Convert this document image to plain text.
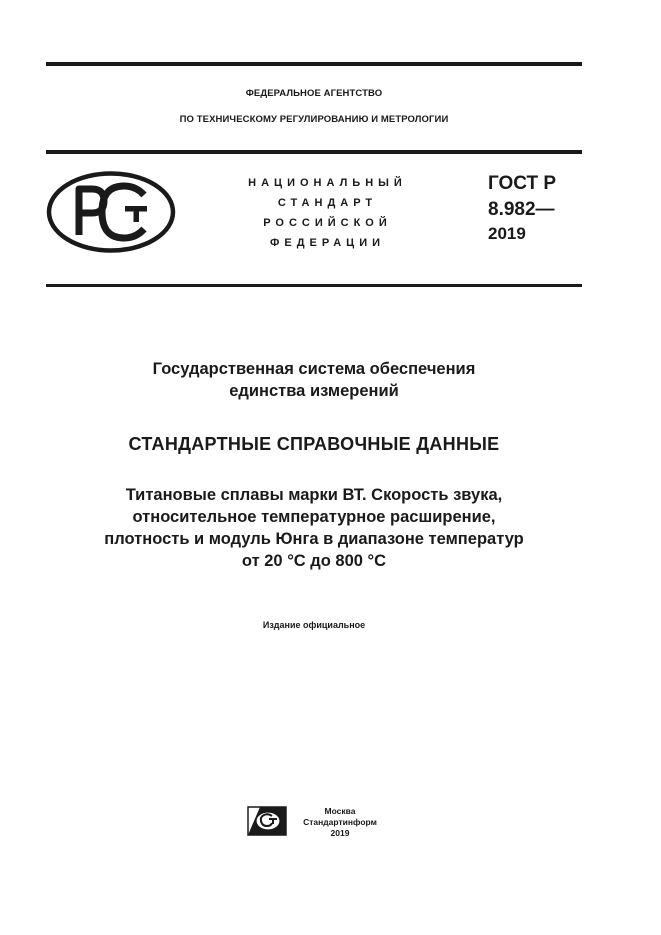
ФЕДЕРАЛЬНОЕ АГЕНТСТВО
ПО ТЕХНИЧЕСКОМУ РЕГУЛИРОВАНИЮ И МЕТРОЛОГИИ
НАЦИОНАЛЬНЫЙ
СТАНДАРТ
РОССИЙСКОЙ
ФЕДЕРАЦИИ
ГОСТ Р
8.982—
2019
Государственная система обеспечения
единства измерений
СТАНДАРТНЫЕ СПРАВОЧНЫЕ ДАННЫЕ
Титановые сплавы марки ВТ. Скорость звука,
относительное температурное расширение,
плотность и модуль Юнга в диапазоне температур
от 20 °С до 800 °С
Издание официальное
Москва
Стандартинформ
2019
